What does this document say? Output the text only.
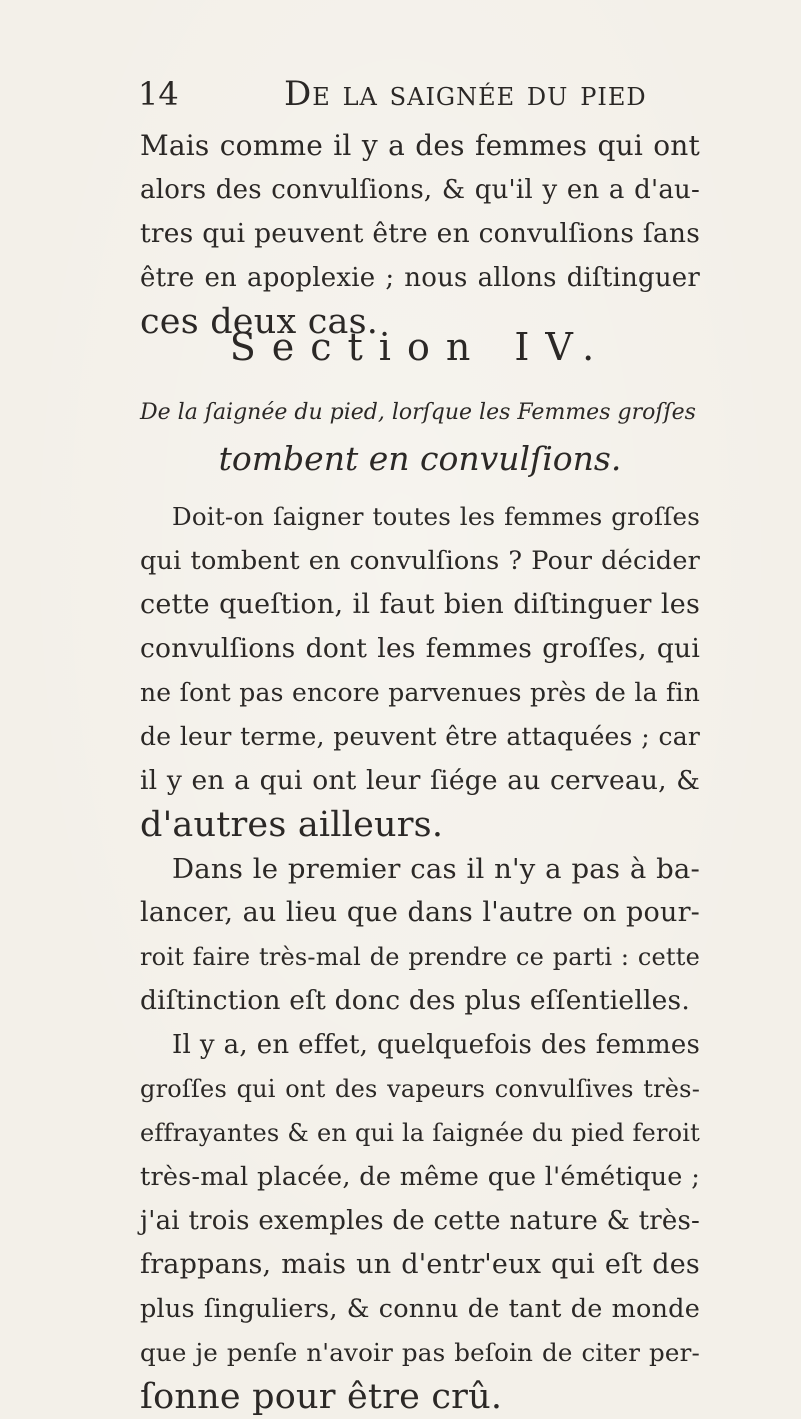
14	De la saignée du pied
Mais comme il y a des femmes qui ont
alors des convulſions, & qu'il y en a d'au-
tres qui peuvent être en convulſions ſans
être en apoplexie ; nous allons diſtinguer
ces deux cas.
Section IV.
De la ſaignée du pied, lorſque les Femmes groſſes
tombent en convulſions.
Doit-on ſaigner toutes les femmes groſſes
qui tombent en convulſions ? Pour décider
cette queſtion, il faut bien diſtinguer les
convulſions dont les femmes groſſes, qui
ne ſont pas encore parvenues près de la fin
de leur terme, peuvent être attaquées ; car
il y en a qui ont leur ſiége au cerveau, &
d'autres ailleurs.
Dans le premier cas il n'y a pas à ba-
lancer, au lieu que dans l'autre on pour-
roit faire très-mal de prendre ce parti : cette
diſtinction eſt donc des plus eſſentielles.
Il y a, en effet, quelquefois des femmes
groſſes qui ont des vapeurs convulſives très-
effrayantes & en qui la ſaignée du pied feroit
très-mal placée, de même que l'émétique ;
j'ai trois exemples de cette nature & très-
frappans, mais un d'entr'eux qui eſt des
plus ſinguliers, & connu de tant de monde
que je penſe n'avoir pas beſoin de citer per-
ſonne pour être crû.
